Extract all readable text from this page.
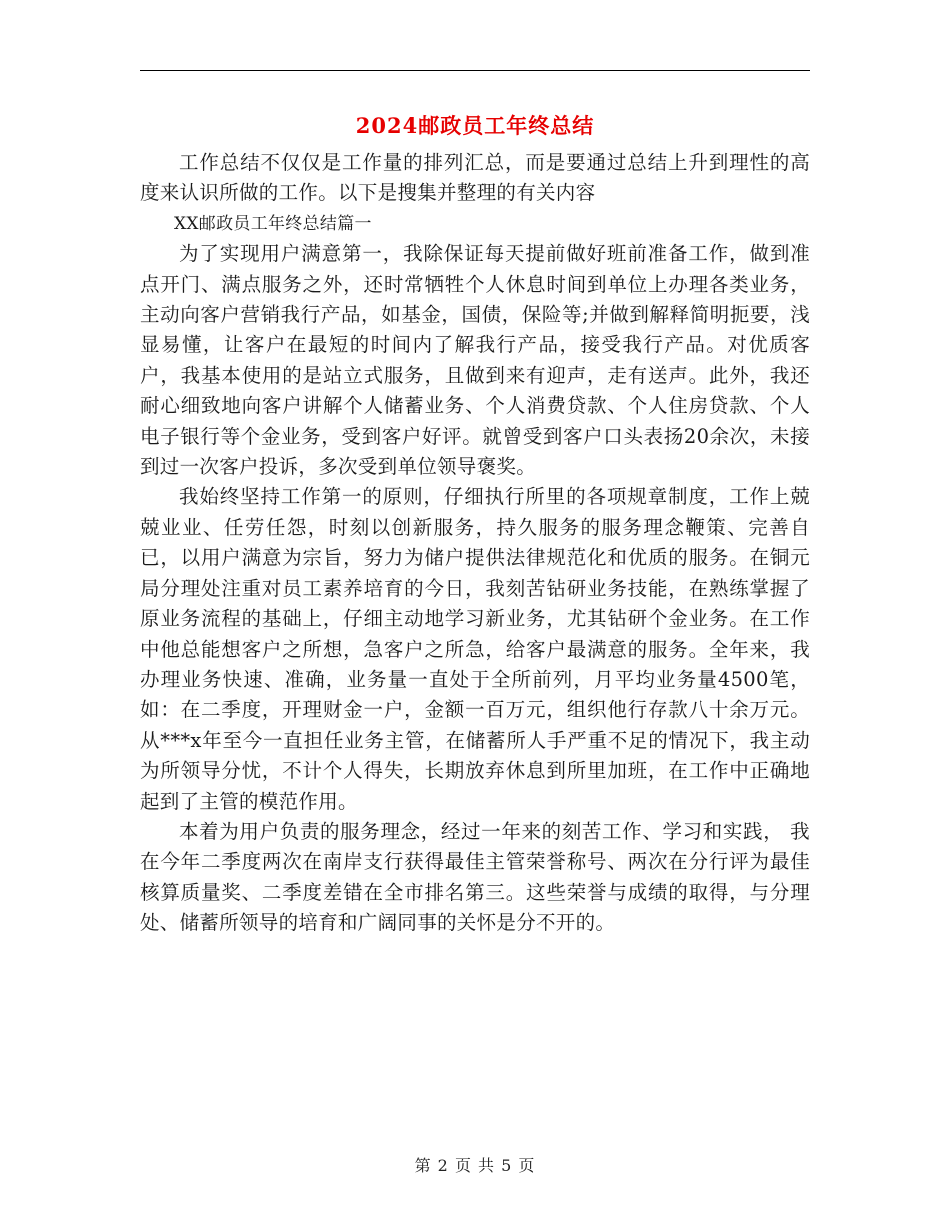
2024邮政员工年终总结

工作总结不仅仅是工作量的排列汇总，而是要通过总结上升到理性的高度来认识所做的工作。以下是搜集并整理的有关内容

XX邮政员工年终总结篇一

为了实现用户满意第一，我除保证每天提前做好班前准备工作，做到准点开门、满点服务之外，还时常牺牲个人休息时间到单位上办理各类业务，主动向客户营销我行产品，如基金，国债，保险等;并做到解释简明扼要，浅显易懂，让客户在最短的时间内了解我行产品，接受我行产品。对优质客户，我基本使用的是站立式服务，且做到来有迎声，走有送声。此外，我还耐心细致地向客户讲解个人储蓄业务、个人消费贷款、个人住房贷款、个人电子银行等个金业务，受到客户好评。就曾受到客户口头表扬20余次，未接到过一次客户投诉，多次受到单位领导褒奖。

我始终坚持工作第一的原则，仔细执行所里的各项规章制度，工作上兢兢业业、任劳任怨，时刻以创新服务，持久服务的服务理念鞭策、完善自已，以用户满意为宗旨，努力为储户提供法律规范化和优质的服务。在铜元局分理处注重对员工素养培育的今日，我刻苦钻研业务技能，在熟练掌握了原业务流程的基础上，仔细主动地学习新业务，尤其钻研个金业务。在工作中他总能想客户之所想，急客户之所急，给客户最满意的服务。全年来，我办理业务快速、准确，业务量一直处于全所前列，月平均业务量4500笔，如：在二季度，开理财金一户，金额一百万元，组织他行存款八十余万元。从***x年至今一直担任业务主管，在储蓄所人手严重不足的情况下，我主动为所领导分忧，不计个人得失，长期放弃休息到所里加班，在工作中正确地起到了主管的模范作用。

本着为用户负责的服务理念，经过一年来的刻苦工作、学习和实践， 我在今年二季度两次在南岸支行获得最佳主管荣誉称号、两次在分行评为最佳核算质量奖、二季度差错在全市排名第三。这些荣誉与成绩的取得，与分理处、储蓄所领导的培育和广阔同事的关怀是分不开的。

第 2 页 共 5 页
